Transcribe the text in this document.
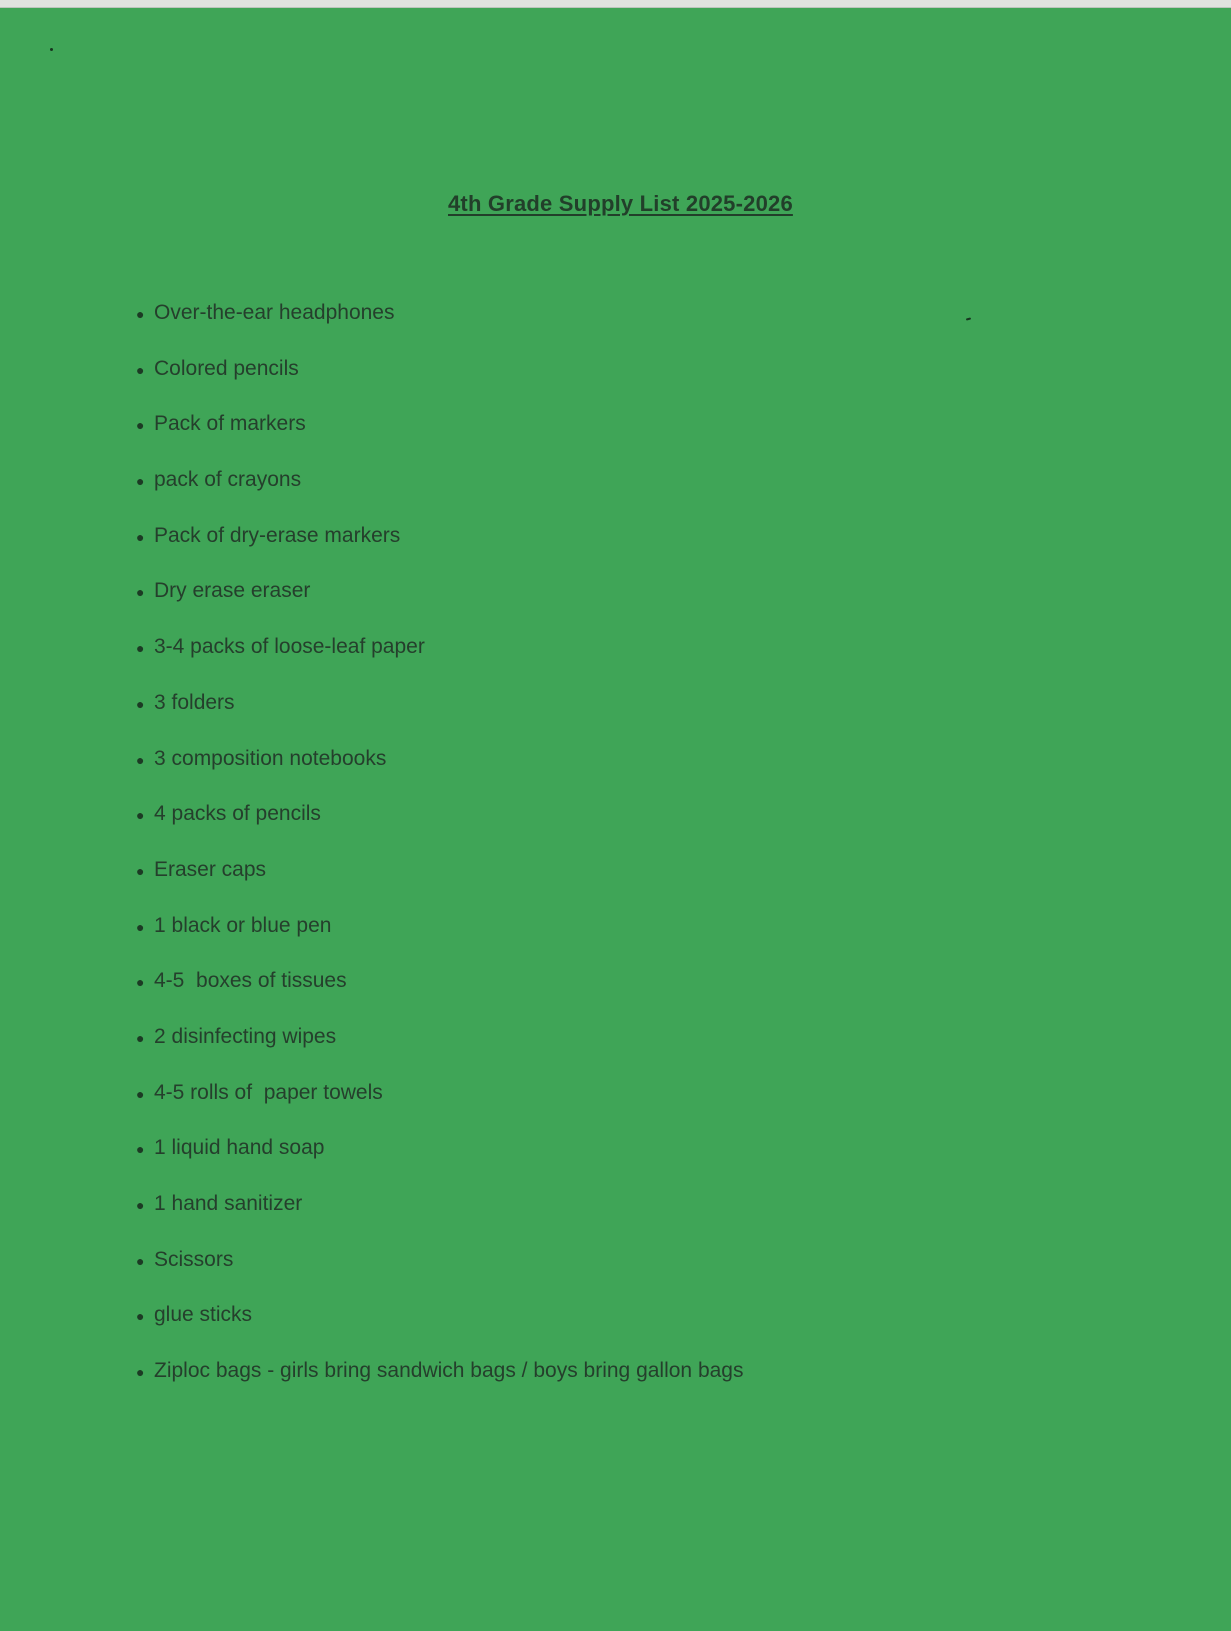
4th Grade Supply List 2025-2026
● Over-the-ear headphones
● Colored pencils
● Pack of markers
● pack of crayons
● Pack of dry-erase markers
● Dry erase eraser
● 3-4 packs of loose-leaf paper
● 3 folders
● 3 composition notebooks
● 4 packs of pencils
● Eraser caps
● 1 black or blue pen
● 4-5  boxes of tissues
● 2 disinfecting wipes
● 4-5 rolls of  paper towels
● 1 liquid hand soap
● 1 hand sanitizer
● Scissors
● glue sticks
● Ziploc bags - girls bring sandwich bags / boys bring gallon bags
